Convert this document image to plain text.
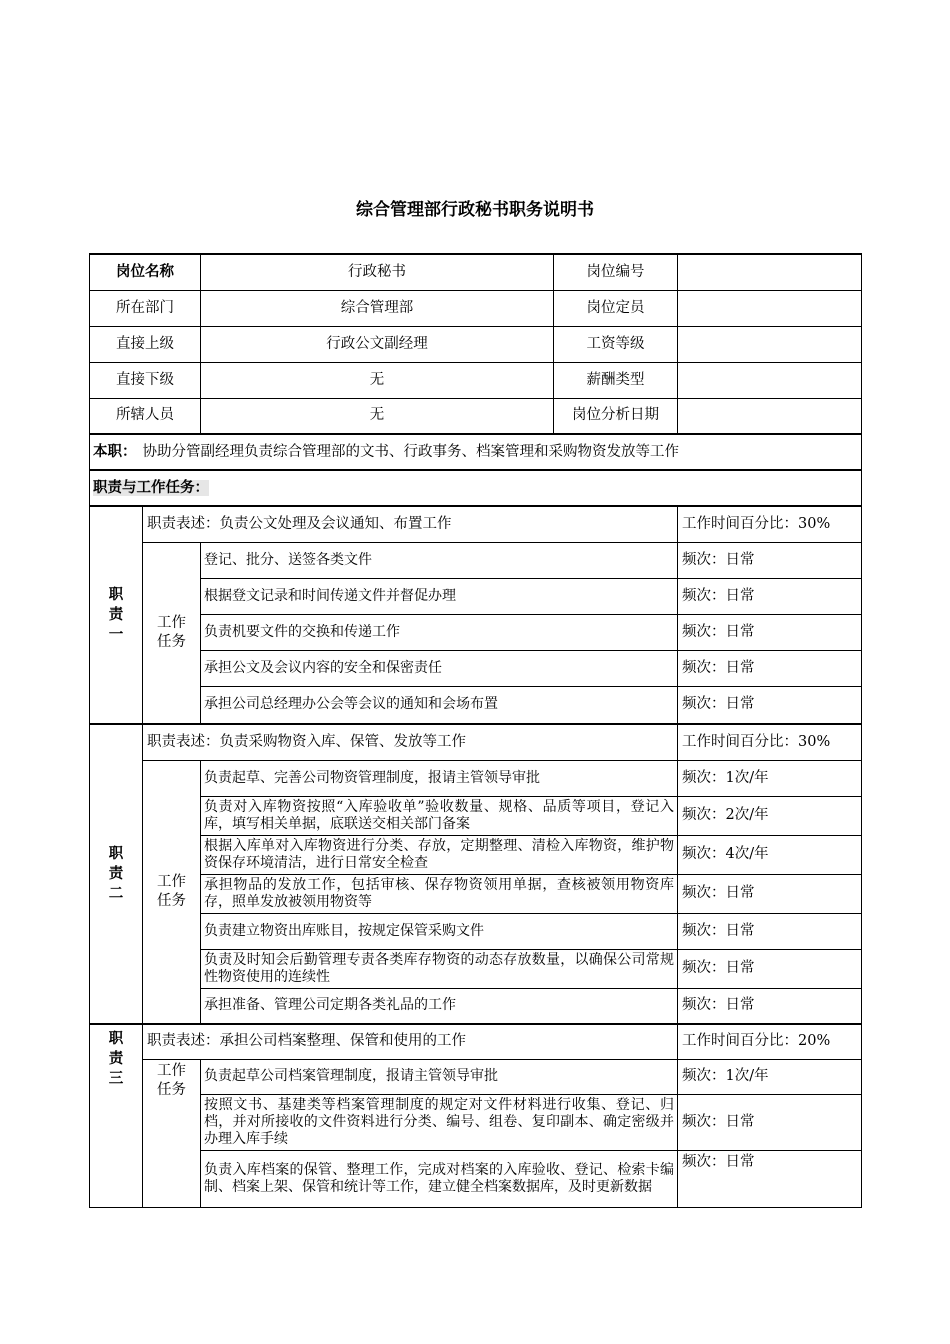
综合管理部行政秘书职务说明书
岗位名称		行政秘书	岗位编号	
所在部门		综合管理部	岗位定员	
直接上级		行政公文副经理	工资等级	
直接下级		无	薪酬类型	
所辖人员		无	岗位分析日期	
本职： 协助分管副经理负责综合管理部的文书、行政事务、档案管理和采购物资发放等工作				
职责与工作任务：				

职责一	职责表述：负责公文处理及会议通知、布置工作			工作时间百分比：30%

	工作任务	登记、批分、送签各类文件		频次：日常
		根据登文记录和时间传递文件并督促办理		频次：日常
		负责机要文件的交换和传递工作		频次：日常
		承担公文及会议内容的安全和保密责任		频次：日常
		承担公司总经理办公会等会议的通知和会场布置		频次：日常

职责二	职责表述：负责采购物资入库、保管、发放等工作			工作时间百分比：30%

	工作任务	负责起草、完善公司物资管理制度，报请主管领导审批		频次：1次/年
		负责对入库物资按照“入库验收单”验收数量、规格、品质等项目，登记入库，填写相关单据，底联送交相关部门备案		频次：2次/年
		根据入库单对入库物资进行分类、存放，定期整理、清检入库物资，维护物资保存环境清洁，进行日常安全检查		频次：4次/年
		承担物品的发放工作，包括审核、保存物资领用单据，查核被领用物资库存，照单发放被领用物资等		频次：日常
		负责建立物资出库账目，按规定保管采购文件		频次：日常
		负责及时知会后勤管理专责各类库存物资的动态存放数量，以确保公司常规性物资使用的连续性		频次：日常
		承担准备、管理公司定期各类礼品的工作		频次：日常

职责三	职责表述：承担公司档案整理、保管和使用的工作			工作时间百分比：20%

	工作任务	负责起草公司档案管理制度，报请主管领导审批		频次：1次/年
		按照文书、基建类等档案管理制度的规定对文件材料进行收集、登记、归档，并对所接收的文件资料进行分类、编号、组卷、复印副本、确定密级并办理入库手续		频次：日常
		负责入库档案的保管、整理工作，完成对档案的入库验收、登记、检索卡编制、档案上架、保管和统计等工作，建立健全档案数据库，及时更新数据		频次：日常
